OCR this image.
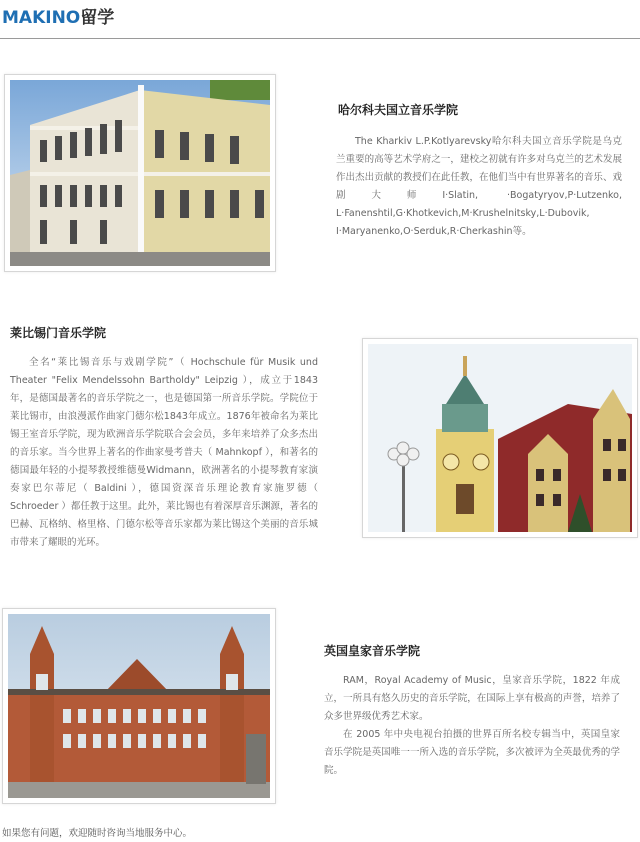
MAKINO留学
哈尔科夫国立音乐学院

The Kharkiv L.P.Kotlyarevsky哈尔科夫国立音乐学院是乌克兰重要的高等艺术学府之一，建校之初就有许多对乌克兰的艺术发展作出杰出贡献的教授们在此任教，在他们当中有世界著名的音乐、戏剧大师I·Slatin, ·Bogatyryov,P·Lutzenko, L·Fanenshtil,G·Khotkevich,M·Krushelnitsky,L·Dubovik, I·Maryanenko,O·Serduk,R·Cherkashin等。

莱比锡门音乐学院

全名“莱比锡音乐与戏剧学院”（ Hochschule für Musik und Theater "Felix Mendelssohn Bartholdy" Leipzig ），成立于1843年，是德国最著名的音乐学院之一，也是德国第一所音乐学院。学院位于莱比锡市，由浪漫派作曲家门德尔松1843年成立。1876年被命名为莱比锡王室音乐学院，现为欧洲音乐学院联合会会员，多年来培养了众多杰出的音乐家。当今世界上著名的作曲家曼考普夫（ Mahnkopf ），和著名的德国最年轻的小提琴教授维德曼Widmann，欧洲著名的小提琴教育家演奏家巴尔蒂尼（ Baldini ），德国资深音乐理论教育家施罗德（ Schroeder ）都任教于这里。此外，莱比锡也有着深厚音乐渊源，著名的巴赫、瓦格纳、格里格、门德尔松等音乐家都为莱比锡这个美丽的音乐城市带来了耀眼的光环。

英国皇家音乐学院

RAM，Royal Academy of Music，皇家音乐学院，1822 年成立，一所具有悠久历史的音乐学院，在国际上享有极高的声誉，培养了众多世界级优秀艺术家。

在 2005 年中央电视台拍摄的世界百所名校专辑当中，英国皇家音乐学院是英国唯一一所入选的音乐学院，多次被评为全英最优秀的学院。

如果您有问题，欢迎随时咨询当地服务中心。
